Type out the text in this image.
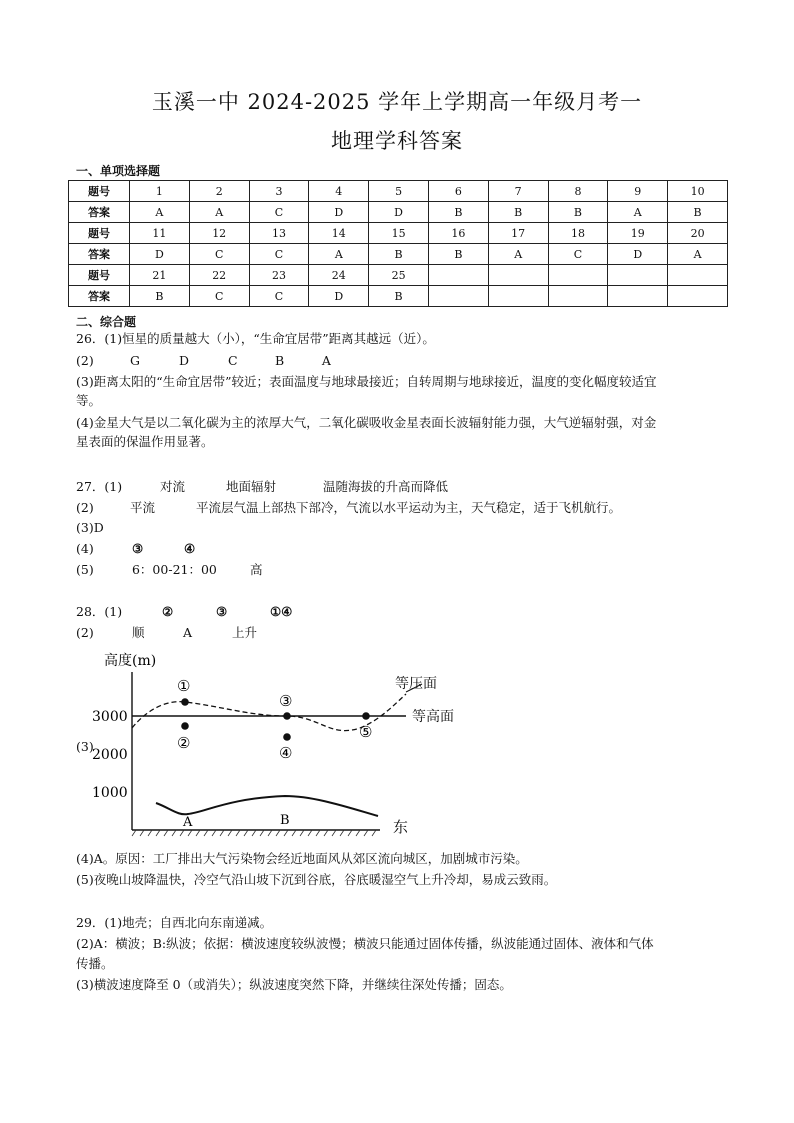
玉溪一中 2024-2025 学年上学期高一年级月考一
地理学科答案
一、单项选择题
题号	1	2	3	4	5	6	7	8	9	10
答案	A	A	C	D	D	B	B	B	A	B
题号	11	12	13	14	15	16	17	18	19	20
答案	D	C	C	A	B	B	A	C	D	A
题号	21	22	23	24	25					
答案	B	C	C	D	B					
二、综合题
26．(1)恒星的质量越大（小），“生命宜居带”距离其越远（近）。
(2)	G	D	C	B	A
(3)距离太阳的“生命宜居带”较近；表面温度与地球最接近；自转周期与地球接近，温度的变化幅度较适宜
等。
(4)金星大气是以二氧化碳为主的浓厚大气，二氧化碳吸收金星表面长波辐射能力强，大气逆辐射强，对金
星表面的保温作用显著。
27．(1)	对流	地面辐射	温随海拔的升高而降低
(2)	平流	平流层气温上部热下部冷，气流以水平运动为主，天气稳定，适于飞机航行。
(3)D
(4)	③	④
(5)	6：00-21：00	高
28．(1)	②	③	①④
(2)	顺	A	上升
(3)
高度(m)
3000
2000
1000
①
②
③
④
⑤
A	B
等压面
等高面
东
(4)A。原因：工厂排出大气污染物会经近地面风从郊区流向城区，加剧城市污染。
(5)夜晚山坡降温快，冷空气沿山坡下沉到谷底，谷底暖湿空气上升冷却，易成云致雨。
29．(1)地壳；自西北向东南递减。
(2)A：横波；B:纵波；依据：横波速度较纵波慢；横波只能通过固体传播，纵波能通过固体、液体和气体
传播。
(3)横波速度降至 0（或消失）；纵波速度突然下降，并继续往深处传播；固态。
